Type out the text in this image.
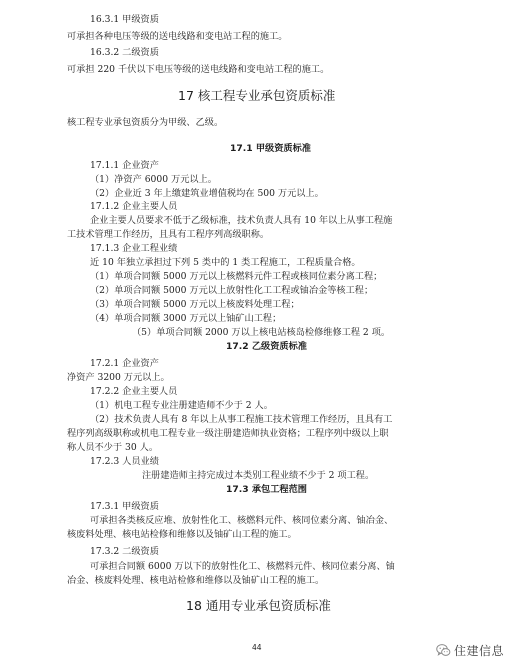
16.3.1 甲级资质
可承担各种电压等级的送电线路和变电站工程的施工。
16.3.2 二级资质
可承担 220 千伏以下电压等级的送电线路和变电站工程的施工。
17 核工程专业承包资质标准
核工程专业承包资质分为甲级、乙级。
17.1 甲级资质标准
17.1.1 企业资产
（1）净资产 6000 万元以上。
（2）企业近 3 年上缴建筑业增值税均在 500 万元以上。
17.1.2 企业主要人员
企业主要人员要求不低于乙级标准，技术负责人具有 10 年以上从事工程施
工技术管理工作经历，且具有工程序列高级职称。
17.1.3 企业工程业绩
近 10 年独立承担过下列 5 类中的 1 类工程施工，工程质量合格。
（1）单项合同额 5000 万元以上核燃料元件工程或核同位素分离工程；
（2）单项合同额 5000 万元以上放射性化工工程或铀冶金等核工程；
（3）单项合同额 5000 万元以上核废料处理工程；
（4）单项合同额 3000 万元以上铀矿山工程；
（5）单项合同额 2000 万以上核电站核岛检修维修工程 2 项。
17.2 乙级资质标准
17.2.1 企业资产
净资产 3200 万元以上。
17.2.2 企业主要人员
（1）机电工程专业注册建造师不少于 2 人。
（2）技术负责人具有 8 年以上从事工程施工技术管理工作经历，且具有工
程序列高级职称或机电工程专业一级注册建造师执业资格；工程序列中级以上职
称人员不少于 30 人。
17.2.3 人员业绩
注册建造师主持完成过本类别工程业绩不少于 2 项工程。
17.3 承包工程范围
17.3.1 甲级资质
可承担各类核反应堆、放射性化工、核燃料元件、核同位素分离、铀冶金、
核废料处理、核电站检修和维修以及铀矿山工程的施工。
17.3.2 二级资质
可承担合同额 6000 万以下的放射性化工、核燃料元件、核同位素分离、铀
冶金、核废料处理、核电站检修和维修以及铀矿山工程的施工。
18 通用专业承包资质标准
44	住建信息
